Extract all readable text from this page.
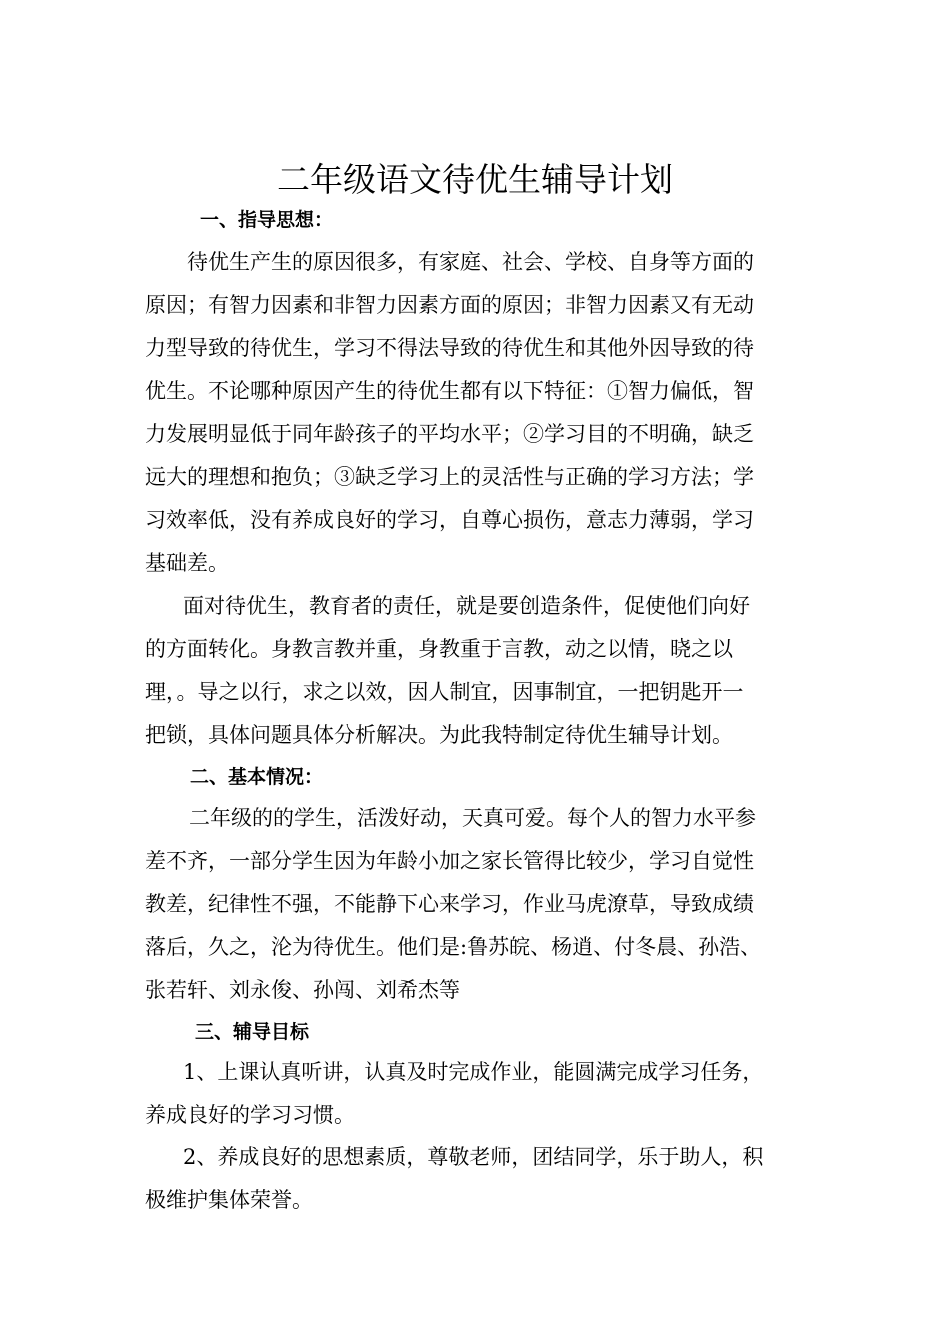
二年级语文待优生辅导计划
一、指导思想：
待优生产生的原因很多，有家庭、社会、学校、自身等方面的
原因；有智力因素和非智力因素方面的原因；非智力因素又有无动
力型导致的待优生，学习不得法导致的待优生和其他外因导致的待
优生。不论哪种原因产生的待优生都有以下特征：①智力偏低，智
力发展明显低于同年龄孩子的平均水平；②学习目的不明确，缺乏
远大的理想和抱负；③缺乏学习上的灵活性与正确的学习方法；学
习效率低，没有养成良好的学习，自尊心损伤，意志力薄弱，学习
基础差。
面对待优生，教育者的责任，就是要创造条件，促使他们向好
的方面转化。身教言教并重，身教重于言教，动之以情，晓之以
理，。导之以行，求之以效，因人制宜，因事制宜，一把钥匙开一
把锁，具体问题具体分析解决。为此我特制定待优生辅导计划。
二、基本情况：
二年级的的学生，活泼好动，天真可爱。每个人的智力水平参
差不齐，一部分学生因为年龄小加之家长管得比较少，学习自觉性
教差，纪律性不强，不能静下心来学习，作业马虎潦草，导致成绩
落后，久之，沦为待优生。他们是:鲁苏皖、杨逍、付冬晨、孙浩、
张若轩、刘永俊、孙闯、刘希杰等
三、辅导目标
1、上课认真听讲，认真及时完成作业，能圆满完成学习任务，
养成良好的学习习惯。
2、养成良好的思想素质，尊敬老师，团结同学，乐于助人，积
极维护集体荣誉。
